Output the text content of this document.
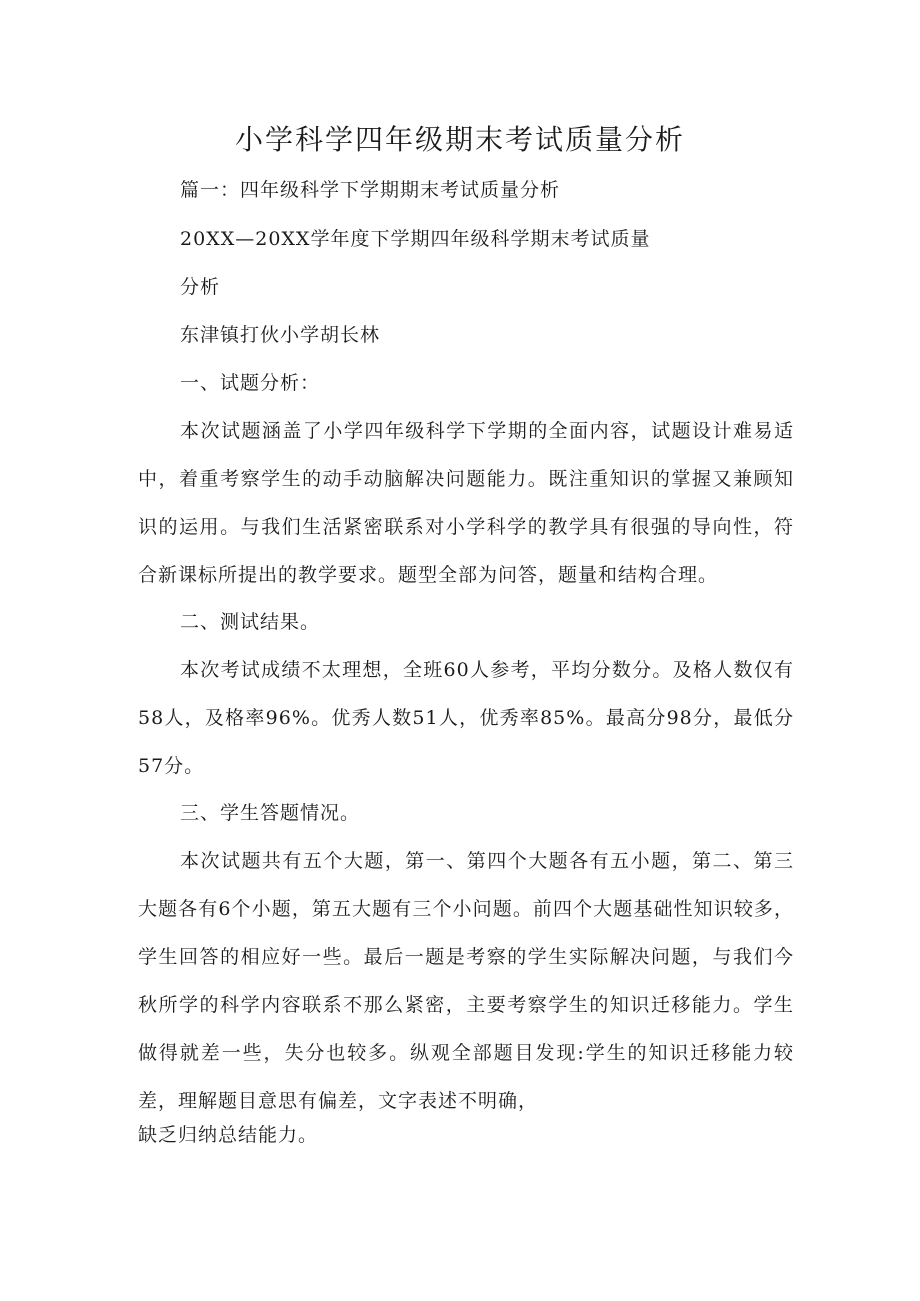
小学科学四年级期末考试质量分析

篇一：四年级科学下学期期末考试质量分析

20XX—20XX学年度下学期四年级科学期末考试质量

分析

东津镇打伙小学胡长林

一、试题分析：

本次试题涵盖了小学四年级科学下学期的全面内容，试题设计难易适中，着重考察学生的动手动脑解决问题能力。既注重知识的掌握又兼顾知识的运用。与我们生活紧密联系对小学科学的教学具有很强的导向性，符合新课标所提出的教学要求。题型全部为问答，题量和结构合理。

二、测试结果。

本次考试成绩不太理想，全班60人参考，平均分数分。及格人数仅有58人，及格率96%。优秀人数51人，优秀率85%。最高分98分，最低分57分。

三、学生答题情况。

本次试题共有五个大题，第一、第四个大题各有五小题，第二、第三大题各有6个小题，第五大题有三个小问题。前四个大题基础性知识较多，学生回答的相应好一些。最后一题是考察的学生实际解决问题，与我们今秋所学的科学内容联系不那么紧密，主要考察学生的知识迁移能力。学生做得就差一些，失分也较多。纵观全部题目发现:学生的知识迁移能力较差，理解题目意思有偏差，文字表述不明确，

缺乏归纳总结能力。
